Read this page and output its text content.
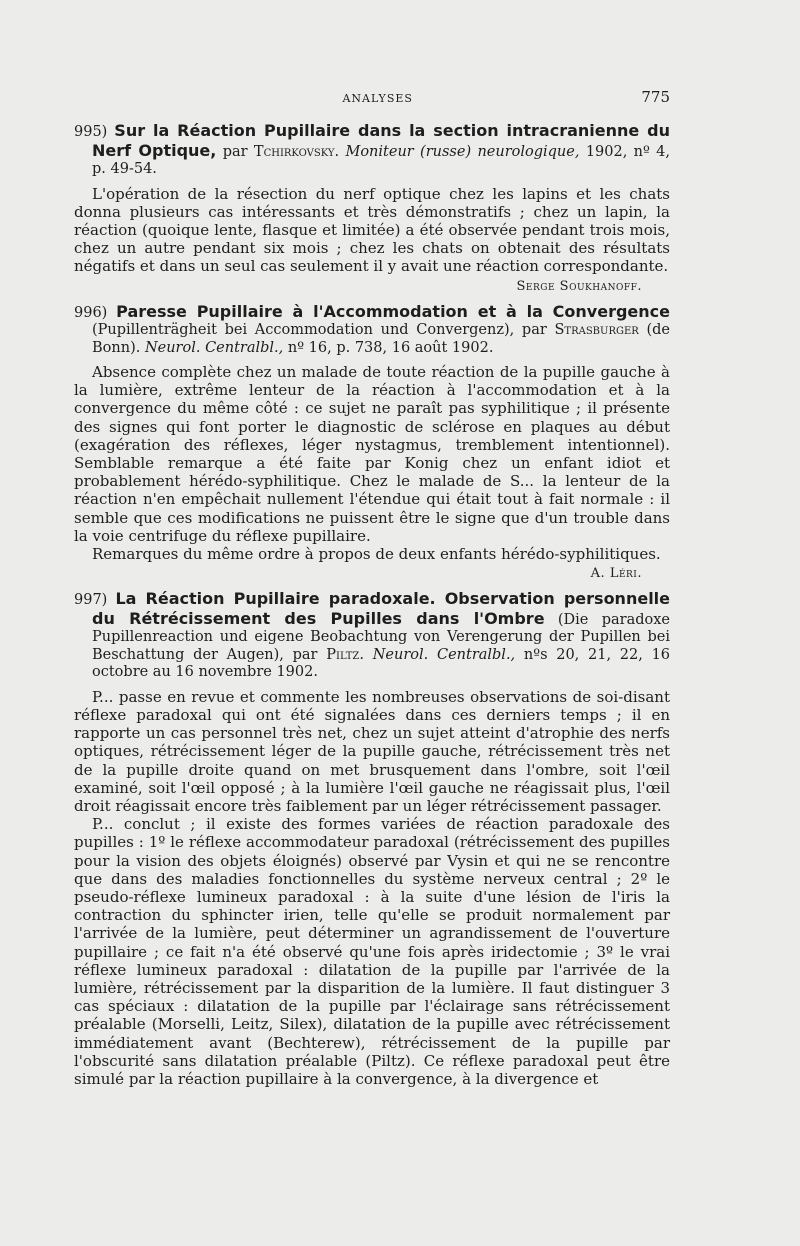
ANALYSES	775

995) Sur la Réaction Pupillaire dans la section intracranienne du Nerf Optique, par Tchirkovsky. Moniteur (russe) neurologique, 1902, nº 4, p. 49-54.

L'opération de la résection du nerf optique chez les lapins et les chats donna plusieurs cas intéressants et très démonstratifs ; chez un lapin, la réaction (quoique lente, flasque et limitée) a été observée pendant trois mois, chez un autre pendant six mois ; chez les chats on obtenait des résultats négatifs et dans un seul cas seulement il y avait une réaction correspondante.

Serge Soukhanoff.

996) Paresse Pupillaire à l'Accommodation et à la Convergence (Pupillenträgheit bei Accommodation und Convergenz), par Strasburger (de Bonn). Neurol. Centralbl., nº 16, p. 738, 16 août 1902.

Absence complète chez un malade de toute réaction de la pupille gauche à la lumière, extrême lenteur de la réaction à l'accommodation et à la convergence du même côté : ce sujet ne paraît pas syphilitique ; il présente des signes qui font porter le diagnostic de sclérose en plaques au début (exagération des réflexes, léger nystagmus, tremblement intentionnel). Semblable remarque a été faite par Konig chez un enfant idiot et probablement hérédo-syphilitique. Chez le malade de S... la lenteur de la réaction n'en empêchait nullement l'étendue qui était tout à fait normale : il semble que ces modifications ne puissent être le signe que d'un trouble dans la voie centrifuge du réflexe pupillaire.

Remarques du même ordre à propos de deux enfants hérédo-syphilitiques.

A. Léri.

997) La Réaction Pupillaire paradoxale. Observation personnelle du Rétrécissement des Pupilles dans l'Ombre (Die paradoxe Pupillenreaction und eigene Beobachtung von Verengerung der Pupillen bei Beschattung der Augen), par Piltz. Neurol. Centralbl., nºs 20, 21, 22, 16 octobre au 16 novembre 1902.

P... passe en revue et commente les nombreuses observations de soi-disant réflexe paradoxal qui ont été signalées dans ces derniers temps ; il en rapporte un cas personnel très net, chez un sujet atteint d'atrophie des nerfs optiques, rétrécissement léger de la pupille gauche, rétrécissement très net de la pupille droite quand on met brusquement dans l'ombre, soit l'œil examiné, soit l'œil opposé ; à la lumière l'œil gauche ne réagissait plus, l'œil droit réagissait encore très faiblement par un léger rétrécissement passager.

P... conclut ; il existe des formes variées de réaction paradoxale des pupilles : 1º le réflexe accommodateur paradoxal (rétrécissement des pupilles pour la vision des objets éloignés) observé par Vysin et qui ne se rencontre que dans des maladies fonctionnelles du système nerveux central ; 2º le pseudo-réflexe lumineux paradoxal : à la suite d'une lésion de l'iris la contraction du sphincter irien, telle qu'elle se produit normalement par l'arrivée de la lumière, peut déterminer un agrandissement de l'ouverture pupillaire ; ce fait n'a été observé qu'une fois après iridectomie ; 3º le vrai réflexe lumineux paradoxal : dilatation de la pupille par l'arrivée de la lumière, rétrécissement par la disparition de la lumière. Il faut distinguer 3 cas spéciaux : dilatation de la pupille par l'éclairage sans rétrécissement préalable (Morselli, Leitz, Silex), dilatation de la pupille avec rétrécissement immédiatement avant (Bechterew), rétrécissement de la pupille par l'obscurité sans dilatation préalable (Piltz). Ce réflexe paradoxal peut être simulé par la réaction pupillaire à la convergence, à la divergence et
